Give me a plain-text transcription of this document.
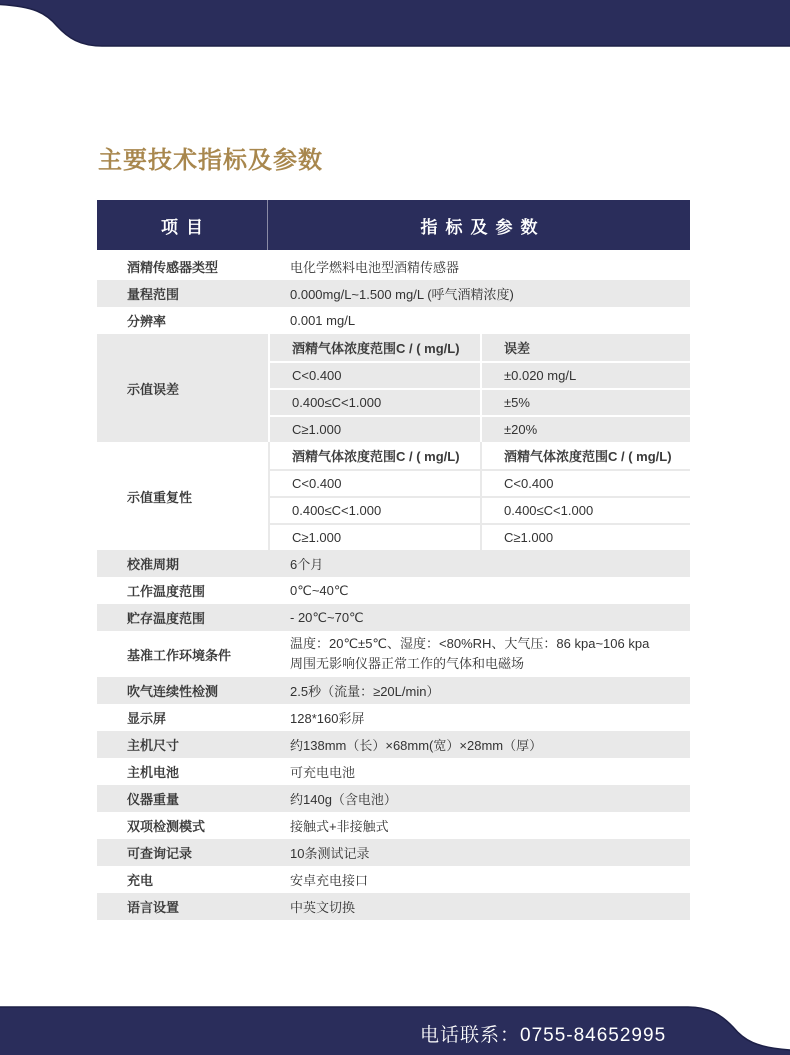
主要技术指标及参数
项目	指标及参数
酒精传感器类型	电化学燃料电池型酒精传感器
量程范围	0.000mg/L~1.500 mg/L (呼气酒精浓度)
分辨率	0.001 mg/L
示值误差
酒精气体浓度范围C / ( mg/L)	误差
C<0.400	±0.020 mg/L
0.400≤C<1.000	±5%
C≥1.000	±20%
示值重复性
酒精气体浓度范围C / ( mg/L)	酒精气体浓度范围C / ( mg/L)
C<0.400	C<0.400
0.400≤C<1.000	0.400≤C<1.000
C≥1.000	C≥1.000
校准周期	6个月
工作温度范围	0℃~40℃
贮存温度范围	- 20℃~70℃
基准工作环境条件
温度：20℃±5℃、湿度：<80%RH、大气压：86 kpa~106 kpa
周围无影响仪器正常工作的气体和电磁场
吹气连续性检测	2.5秒（流量：≥20L/min）
显示屏	128*160彩屏
主机尺寸	约138mm（长）×68mm(宽）×28mm（厚）
主机电池	可充电电池
仪器重量	约140g（含电池）
双项检测模式	接触式+非接触式
可查询记录	10条测试记录
充电	安卓充电接口
语言设置	中英文切换
电话联系：0755-84652995
